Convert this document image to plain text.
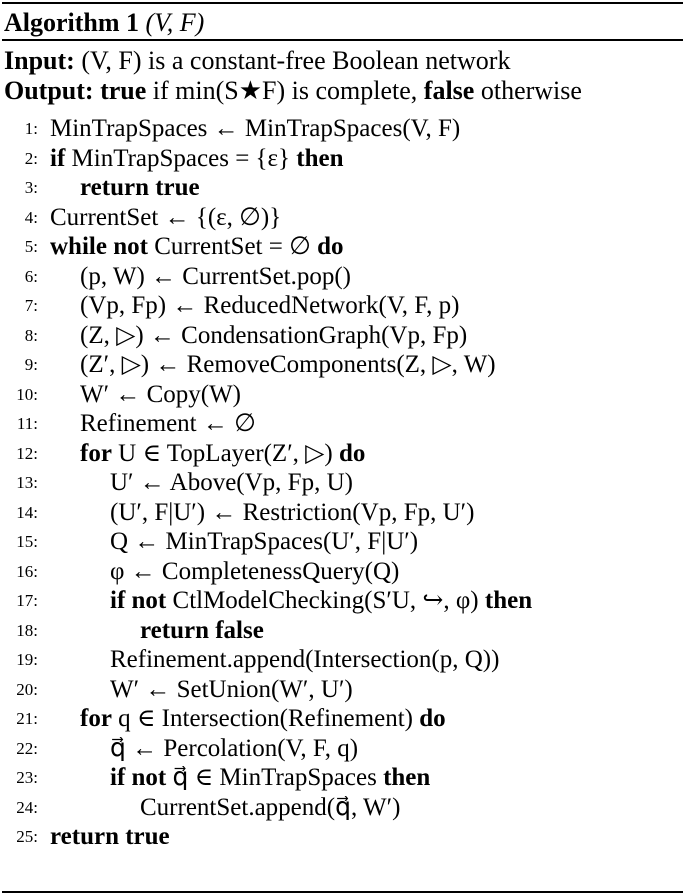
Algorithm 1 (V, F)
Input: (V, F) is a constant-free Boolean network
Output: true if min(S★F) is complete, false otherwise
1: MinTrapSpaces ← MinTrapSpaces(V, F)
2: if MinTrapSpaces = {ε} then
3: return true
4: CurrentSet ← {(ε, ∅)}
5: while not CurrentSet = ∅ do
6: (p, W) ← CurrentSet.pop()
7: (Vp, Fp) ← ReducedNetwork(V, F, p)
8: (Z, ▷) ← CondensationGraph(Vp, Fp)
9: (Z′, ▷) ← RemoveComponents(Z, ▷, W)
10: W′ ← Copy(W)
11: Refinement ← ∅
12: for U ∈ TopLayer(Z′, ▷) do
13:	U′ ← Above(Vp, Fp, U)
14:	(U′, F|U′) ← Restriction(Vp, Fp, U′)
15:	Q ← MinTrapSpaces(U′, F|U′)
16:	φ ← CompletenessQuery(Q)
17:	if not CtlModelChecking(S′U, ↪, φ) then
18:	return false
19:	Refinement.append(Intersection(p, Q))
20:	W′ ← SetUnion(W′, U′)
21: for q ∈ Intersection(Refinement) do
22:	q⃗ ← Percolation(V, F, q)
23:	if not q⃗ ∈ MinTrapSpaces then
24:	CurrentSet.append(q⃗, W′)
25: return true
